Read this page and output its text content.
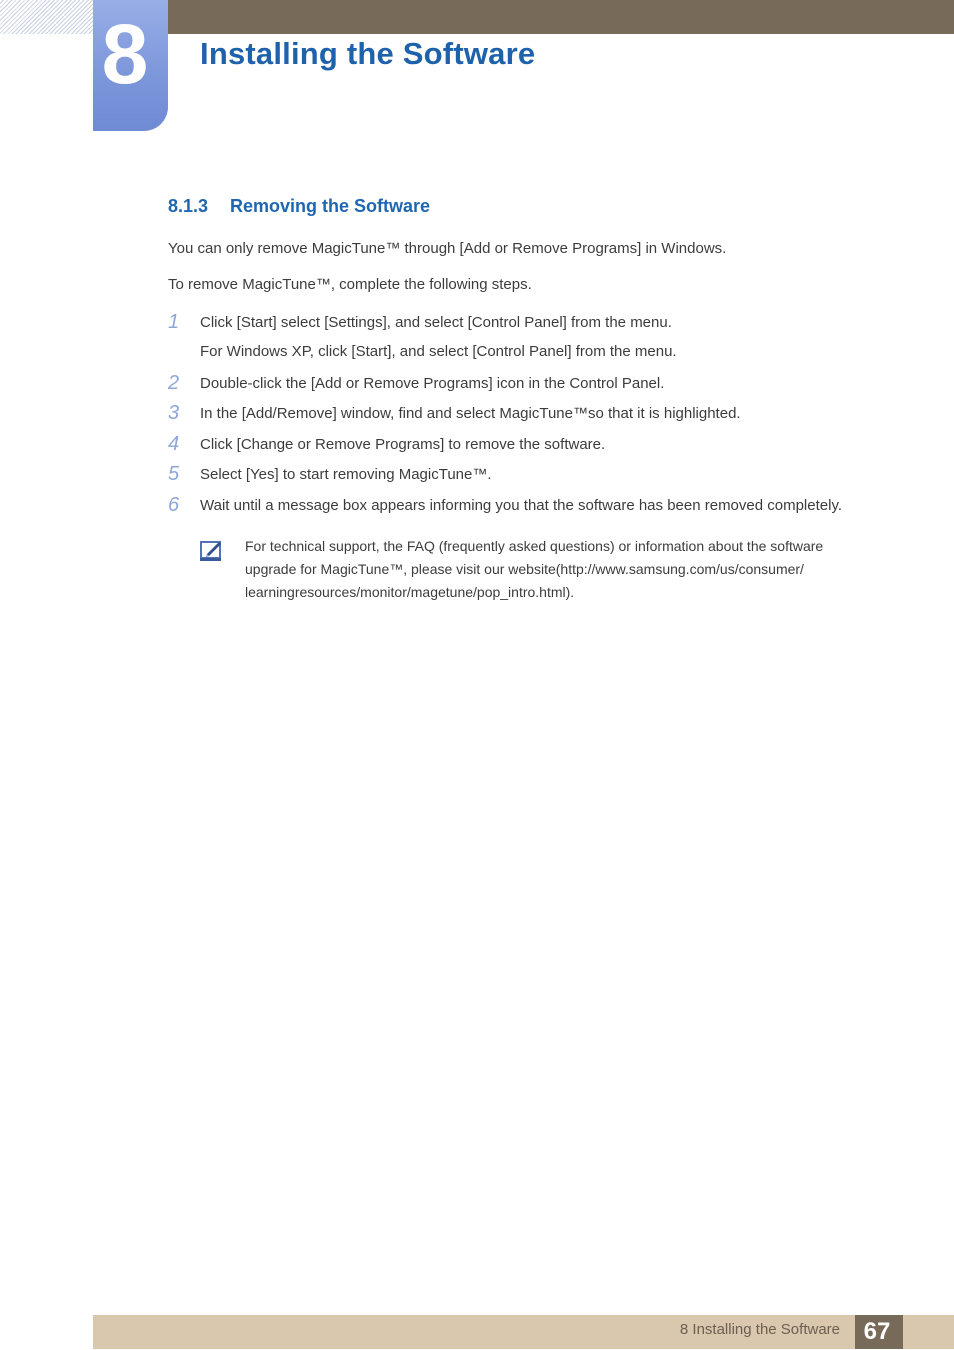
8 Installing the Software
8.1.3 Removing the Software

You can only remove MagicTune™ through [Add or Remove Programs] in Windows.

To remove MagicTune™, complete the following steps.

1	Click [Start] select [Settings], and select [Control Panel] from the menu.

For Windows XP, click [Start], and select [Control Panel] from the menu.

2	Double-click the [Add or Remove Programs] icon in the Control Panel.

3	In the [Add/Remove] window, find and select MagicTune™so that it is highlighted.

4	Click [Change or Remove Programs] to remove the software.

5	Select [Yes] to start removing MagicTune™.

6	Wait until a message box appears informing you that the software has been removed completely.

For technical support, the FAQ (frequently asked questions) or information about the software
upgrade for MagicTune™, please visit our website(http://www.samsung.com/us/consumer/
learningresources/monitor/magetune/pop_intro.html).
8 Installing the Software 67
